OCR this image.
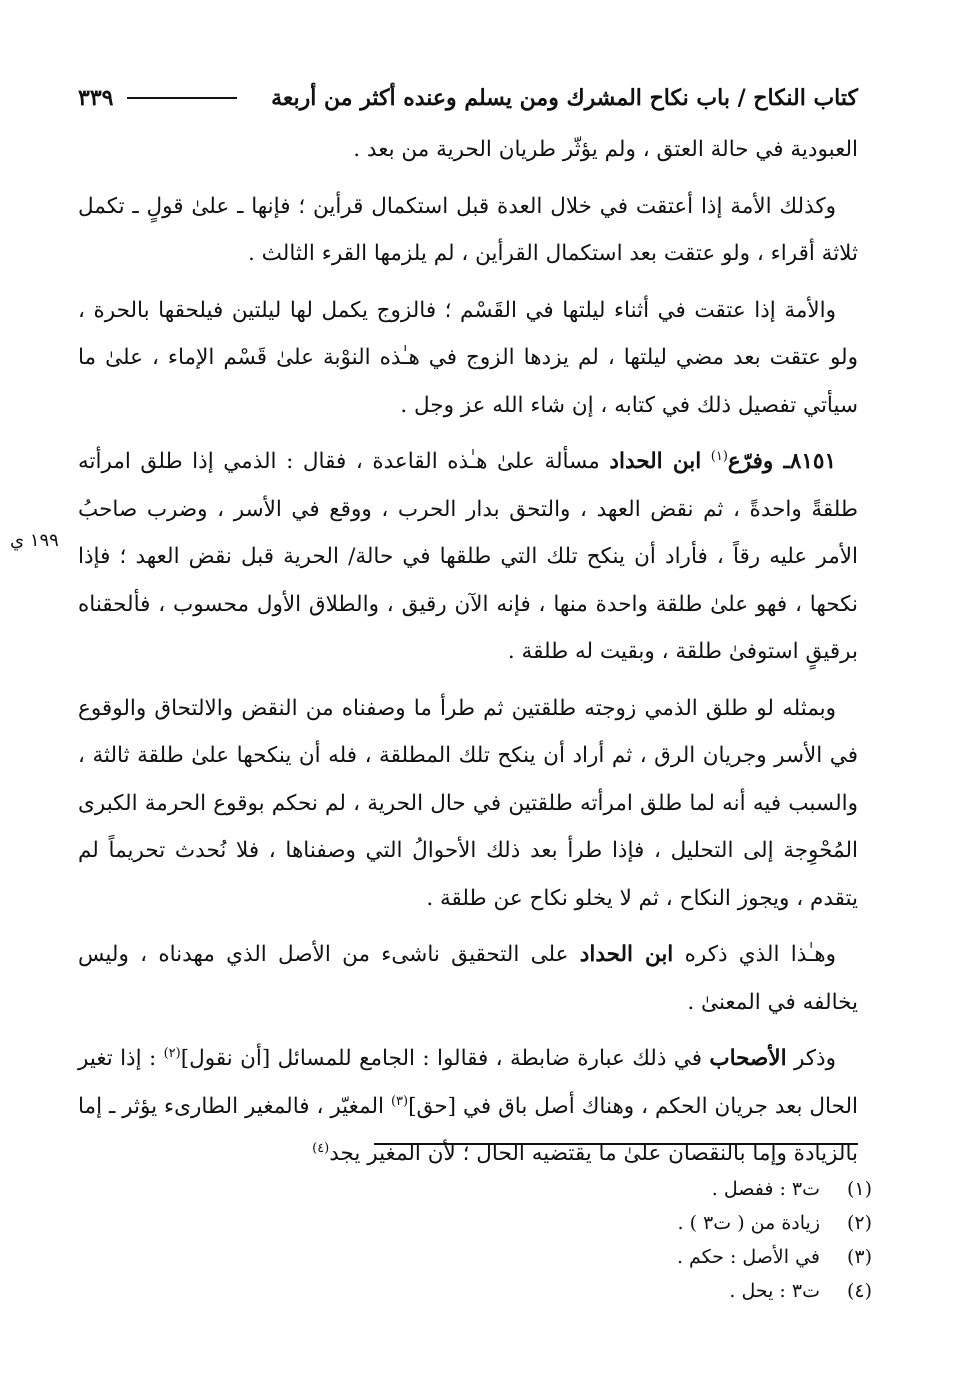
كتاب النكاح / باب نكاح المشرك ومن يسلم وعنده أكثر من أربعة
٣٣٩

العبودية في حالة العتق ، ولم يؤثّر طريان الحرية من بعد .

وكذلك الأمة إذا أعتقت في خلال العدة قبل استكمال قرأين ؛ فإنها ـ علىٰ قولٍ ـ تكمل ثلاثة أقراء ، ولو عتقت بعد استكمال القرأين ، لم يلزمها القرء الثالث .

والأمة إذا عتقت في أثناء ليلتها في القَسْم ؛ فالزوج يكمل لها ليلتين فيلحقها بالحرة ، ولو عتقت بعد مضي ليلتها ، لم يزدها الزوج في هـٰذه النوْبة علىٰ قَسْم الإماء ، علىٰ ما سيأتي تفصيل ذلك في كتابه ، إن شاء الله عز وجل .

٨١٥١ـ وفرّع$^{(١)}$ ابن الحداد مسألة علىٰ هـٰذه القاعدة ، فقال : الذمي إذا طلق امرأته طلقةً واحدةً ، ثم نقض العهد ، والتحق بدار الحرب ، ووقع في الأسر ، وضرب صاحبُ الأمر عليه رقاً ، فأراد أن ينكح تلك التي طلقها في حالة/ الحرية قبل نقض العهد ؛ فإذا نكحها ، فهو علىٰ طلقة واحدة منها ، فإنه الآن رقيق ، والطلاق الأول محسوب ، فألحقناه برقيقٍ استوفىٰ طلقة ، وبقيت له طلقة .

وبمثله لو طلق الذمي زوجته طلقتين ثم طرأ ما وصفناه من النقض والالتحاق والوقوع في الأسر وجريان الرق ، ثم أراد أن ينكح تلك المطلقة ، فله أن ينكحها علىٰ طلقة ثالثة ، والسبب فيه أنه لما طلق امرأته طلقتين في حال الحرية ، لم نحكم بوقوع الحرمة الكبرى المُحْوِجة إلى التحليل ، فإذا طرأ بعد ذلك الأحوالُ التي وصفناها ، فلا نُحدث تحريماً لم يتقدم ، ويجوز النكاح ، ثم لا يخلو نكاح عن طلقة .

وهـٰذا الذي ذكره ابن الحداد على التحقيق ناشىء من الأصل الذي مهدناه ، وليس يخالفه في المعنىٰ .

وذكر الأصحاب في ذلك عبارة ضابطة ، فقالوا : الجامع للمسائل [أن نقول]$^{(٢)}$ : إذا تغير الحال بعد جريان الحكم ، وهناك أصل باق في [حق]$^{(٣)}$ المغيّر ، فالمغير الطارىء يؤثر ـ إما بالزيادة وإما بالنقصان علىٰ ما يقتضيه الحال ؛ لأن المغير يجد$^{(٤)}$

١٩٩ ي
(١)
ت٣ : ففصل .
(٢)
زيادة من ( ت٣ ) .
(٣)
في الأصل : حكم .
(٤)
ت٣ : يحل .
